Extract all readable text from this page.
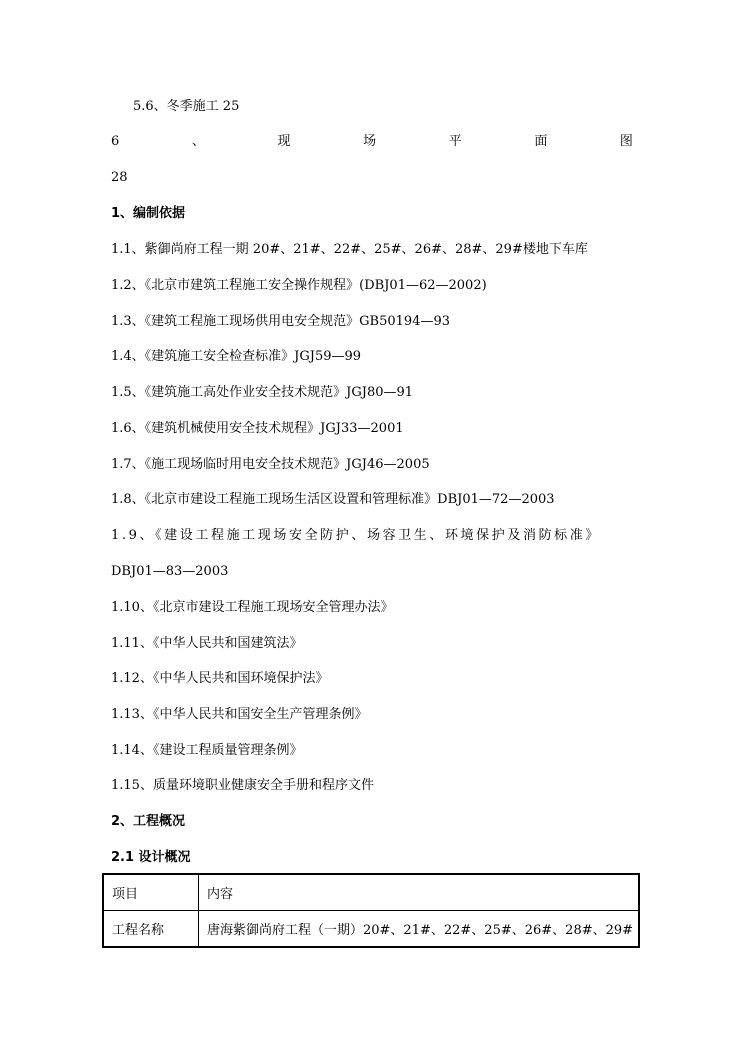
5.6、冬季施工 25
6	、	现	场	平	面	图
28
1、编制依据
1.1、紫御尚府工程一期 20#、21#、22#、25#、26#、28#、29#楼地下车库
1.2、《北京市建筑工程施工安全操作规程》(DBJ01—62—2002)
1.3、《建筑工程施工现场供用电安全规范》GB50194—93
1.4、《建筑施工安全检查标准》JGJ59—99
1.5、《建筑施工高处作业安全技术规范》JGJ80—91
1.6、《建筑机械使用安全技术规程》JGJ33—2001
1.7、《施工现场临时用电安全技术规范》JGJ46—2005
1.8、《北京市建设工程施工现场生活区设置和管理标准》DBJ01—72—2003
1.9、《建设工程施工现场安全防护、场容卫生、环境保护及消防标准》
DBJ01—83—2003
1.10、《北京市建设工程施工现场安全管理办法》
1.11、《中华人民共和国建筑法》
1.12、《中华人民共和国环境保护法》
1.13、《中华人民共和国安全生产管理条例》
1.14、《建设工程质量管理条例》
1.15、质量环境职业健康安全手册和程序文件
2、工程概况
2.1 设计概况
项目	内容
工程名称	唐海紫御尚府工程（一期）20#、21#、22#、25#、26#、28#、29#
